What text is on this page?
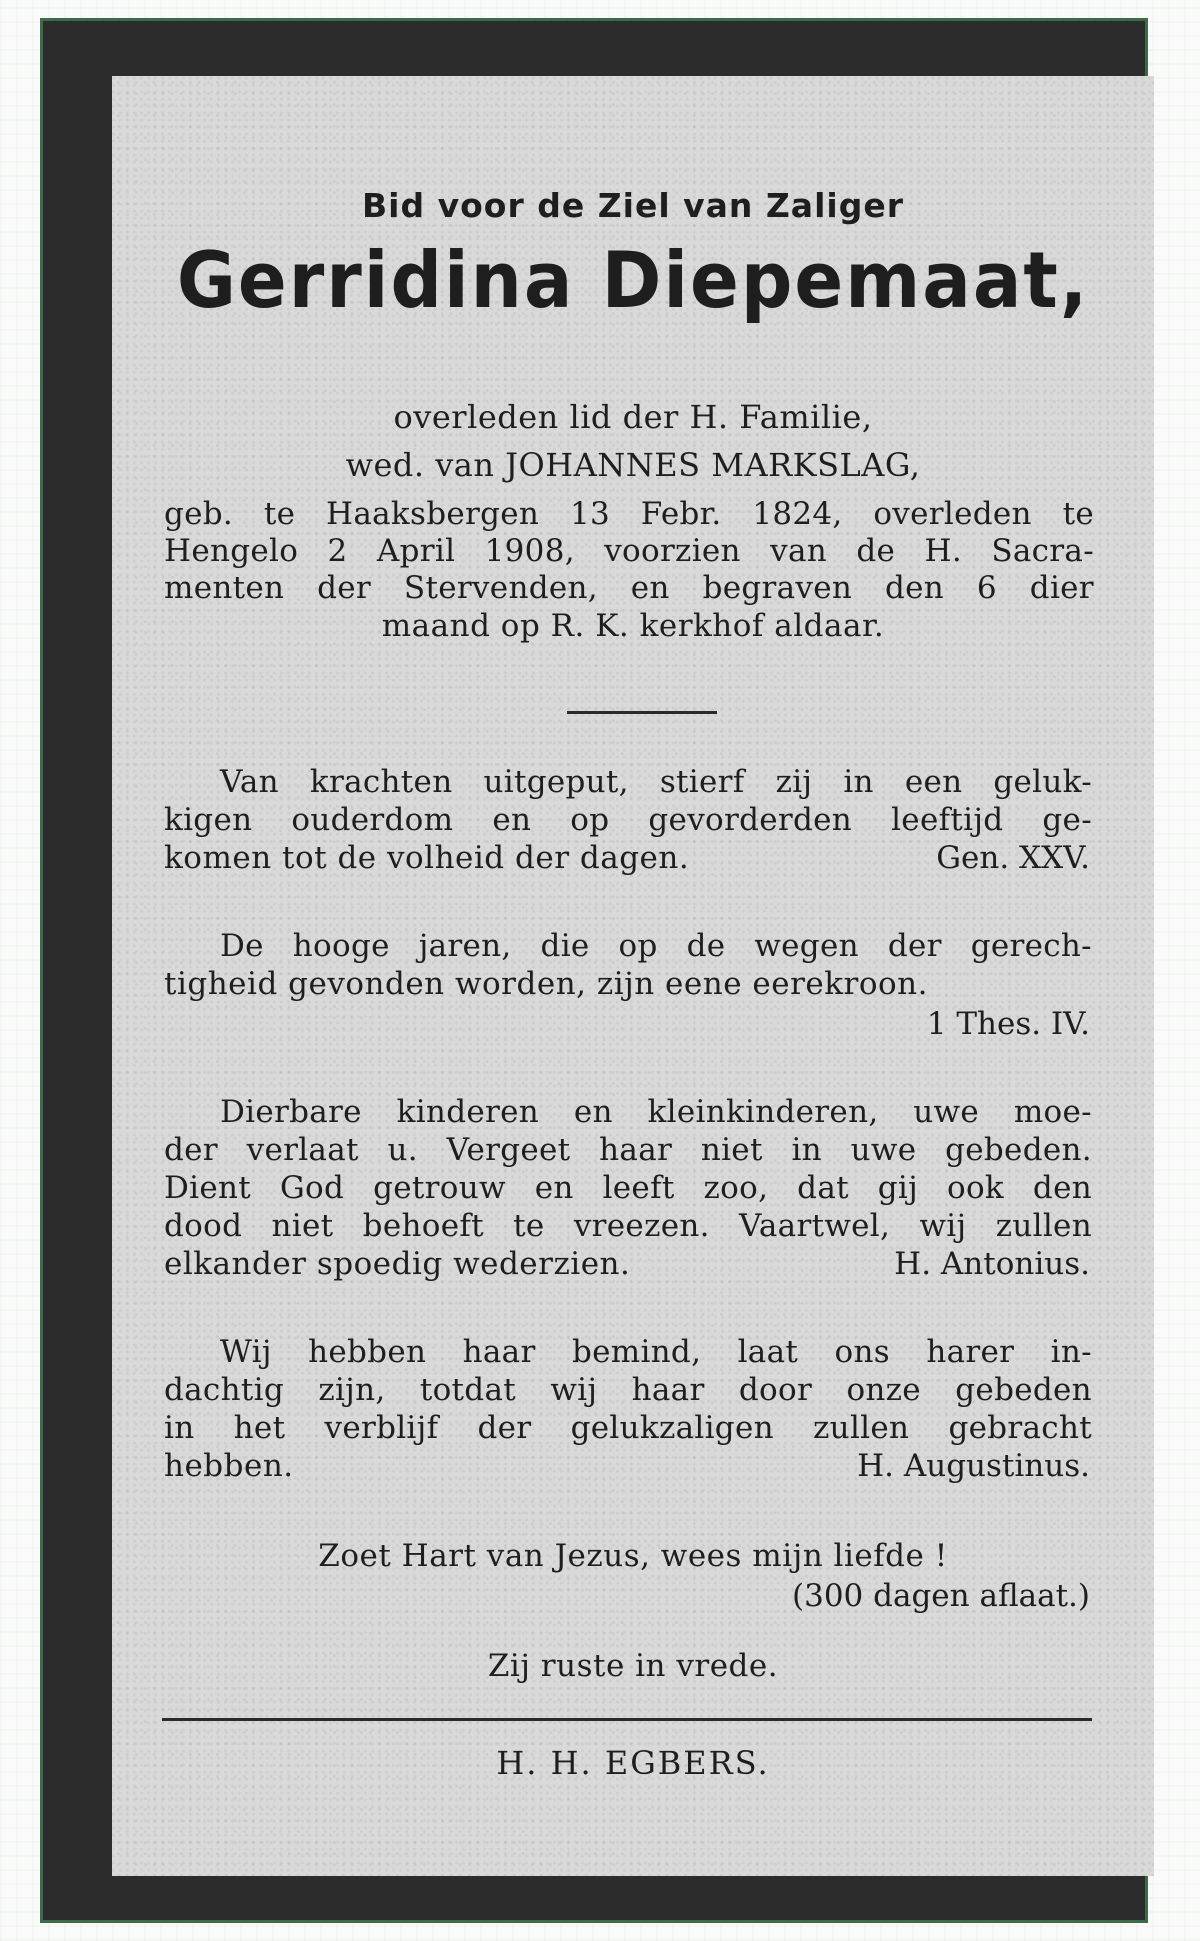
Bid voor de Ziel van Zaliger
Gerridina Diepemaat,
overleden lid der H. Familie,
wed. van JOHANNES MARKSLAG,
geb. te Haaksbergen 13 Febr. 1824, overleden te
Hengelo 2 April 1908, voorzien van de H. Sacra-
menten der Stervenden, en begraven den 6 dier
maand op R. K. kerkhof aldaar.
Van krachten uitgeput, stierf zij in een geluk-
kigen ouderdom en op gevorderden leeftijd ge-
komen tot de volheid der dagen.	Gen. XXV.
De hooge jaren, die op de wegen der gerech-
tigheid gevonden worden, zijn eene eerekroon.
1 Thes. IV.
Dierbare kinderen en kleinkinderen, uwe moe-
der verlaat u. Vergeet haar niet in uwe gebeden.
Dient God getrouw en leeft zoo, dat gij ook den
dood niet behoeft te vreezen. Vaartwel, wij zullen
elkander spoedig wederzien.	H. Antonius.
Wij hebben haar bemind, laat ons harer in-
dachtig zijn, totdat wij haar door onze gebeden
in het verblijf der gelukzaligen zullen gebracht
hebben.	H. Augustinus.
Zoet Hart van Jezus, wees mijn liefde !
(300 dagen aflaat.)
Zij ruste in vrede.
H. H. EGBERS.
